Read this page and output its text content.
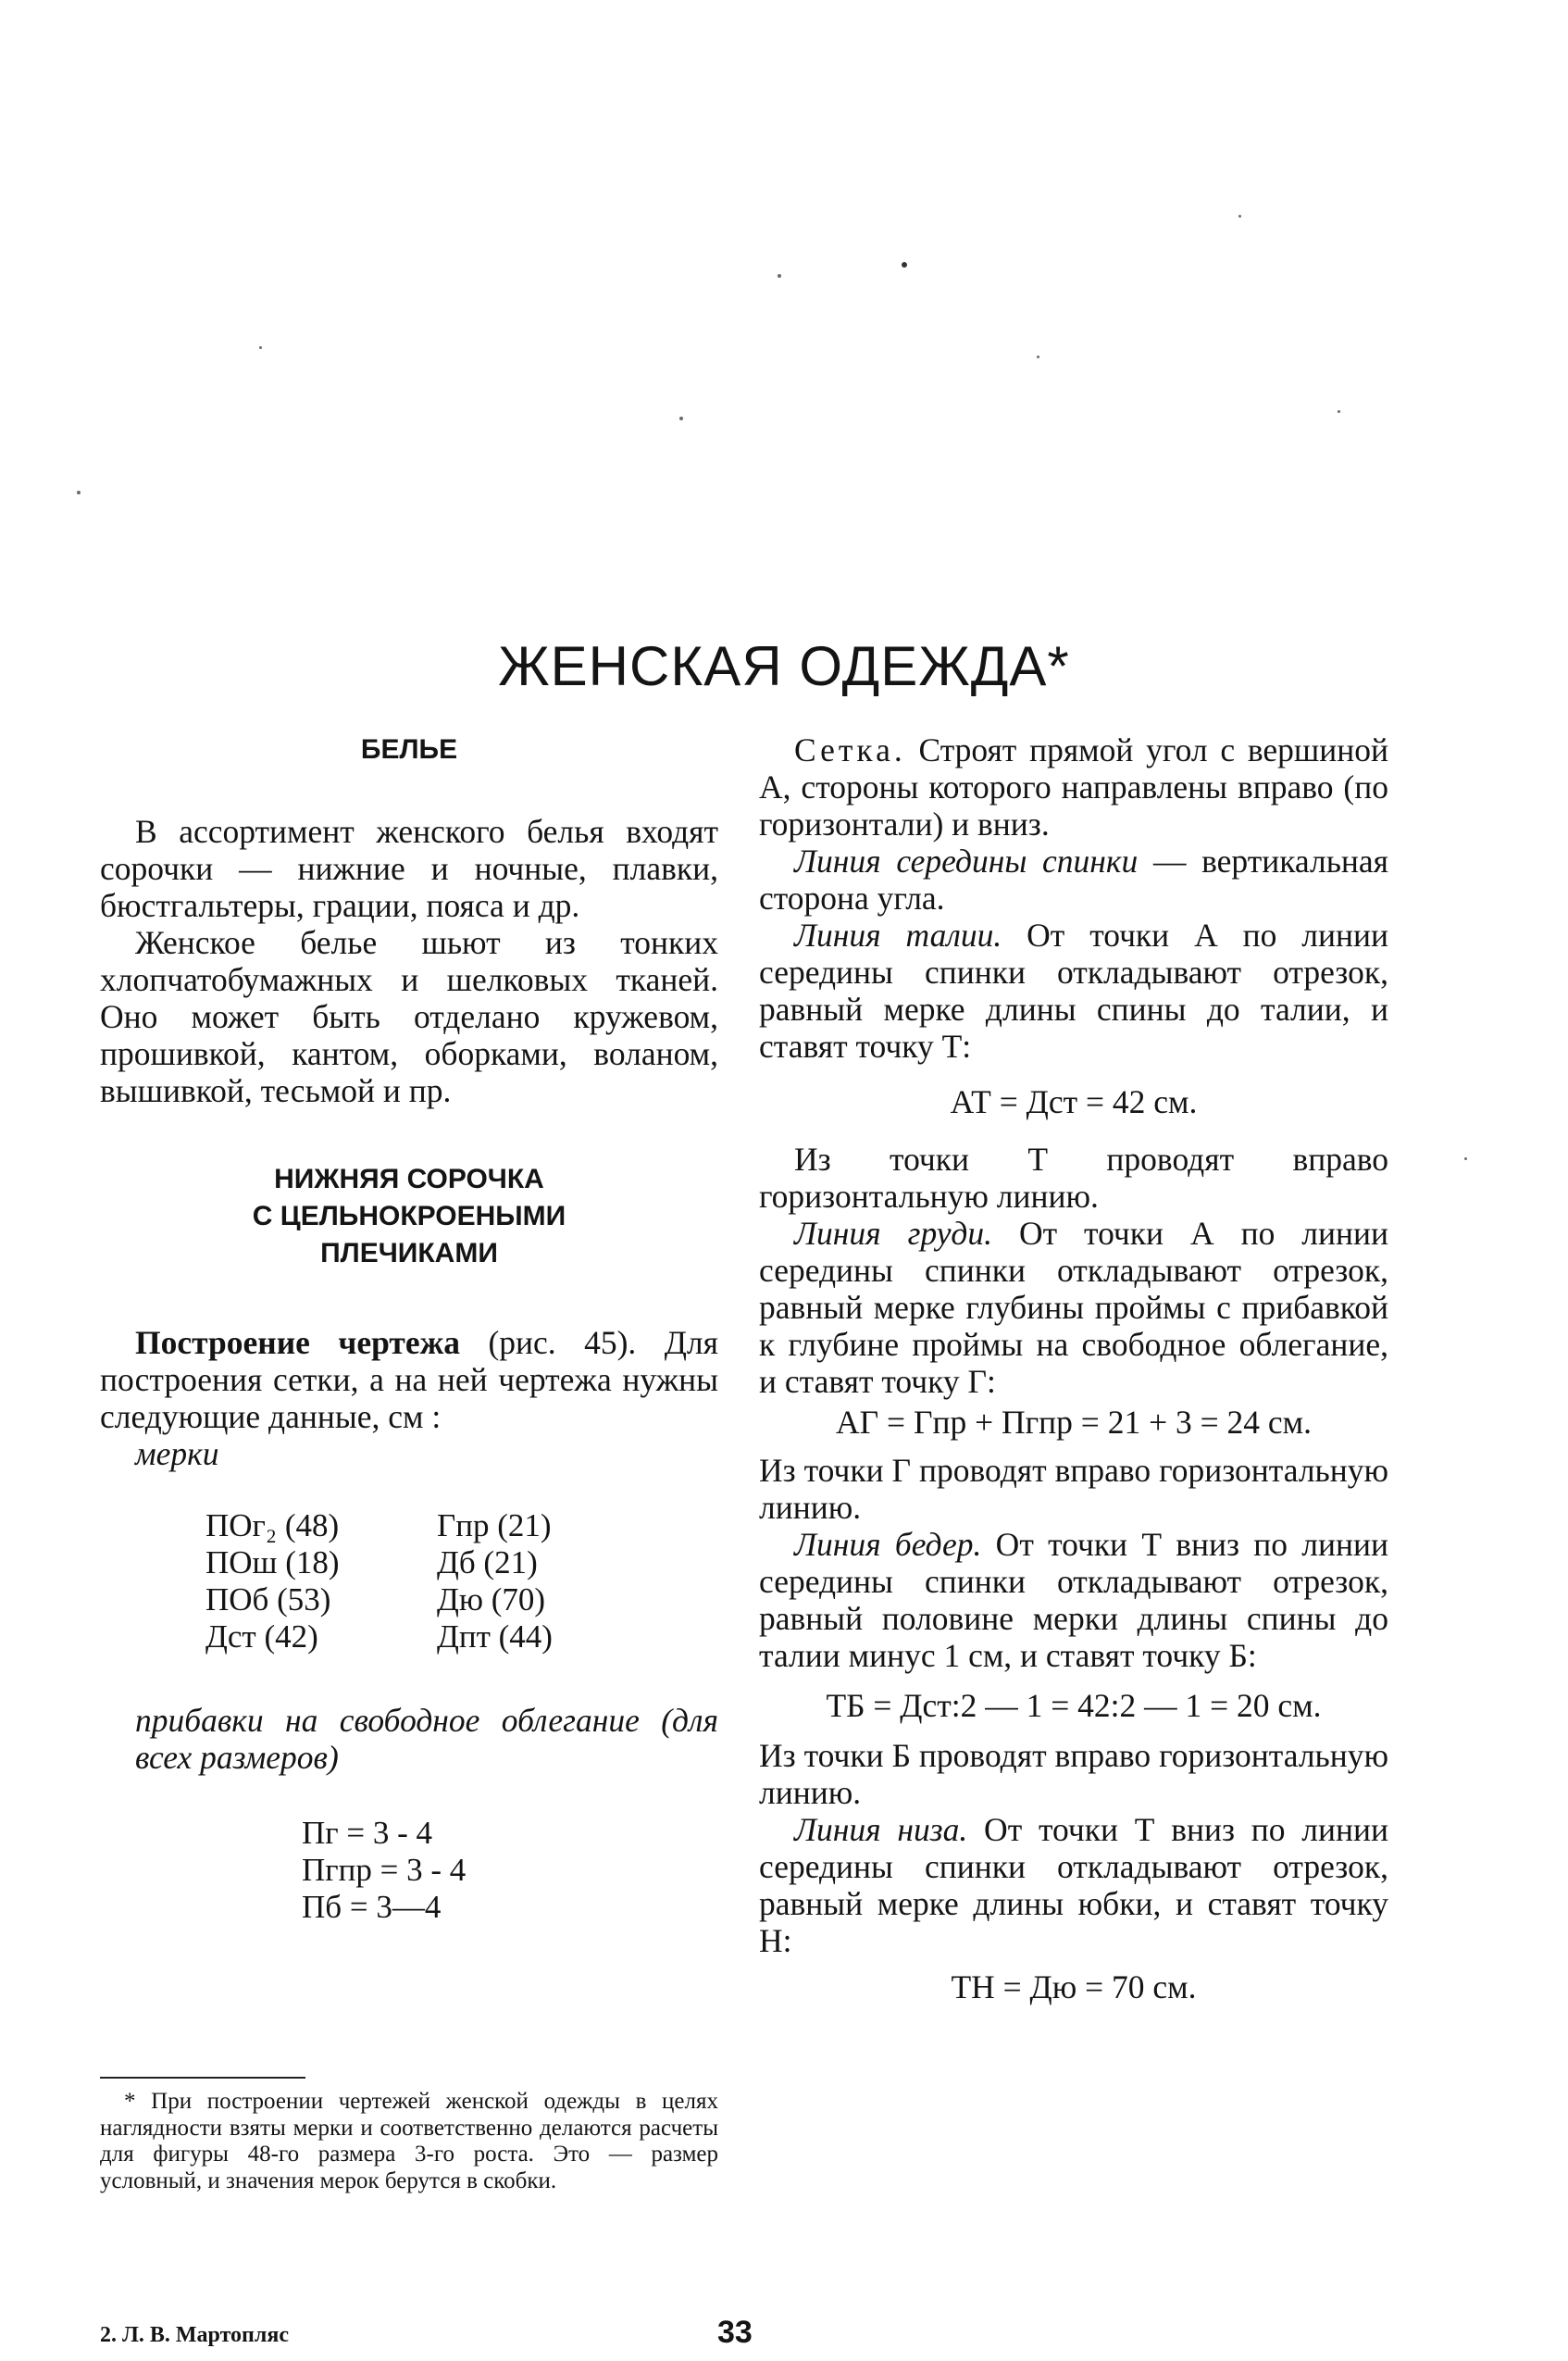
ЖЕНСКАЯ ОДЕЖДА*
БЕЛЬЕ

В ассортимент женского белья входят сорочки — нижние и ночные, плавки, бюстгальтеры, грации, пояса и др.

Женское белье шьют из тонких хлопчатобумажных и шелковых тканей. Оно может быть отделано кружевом, прошивкой, кантом, оборками, воланом, вышивкой, тесьмой и пр.

НИЖНЯЯ СОРОЧКА
С ЦЕЛЬНОКРОЕНЫМИ
ПЛЕЧИКАМИ

Построение чертежа (рис. 45). Для построения сетки, а на ней чертежа нужны следующие данные, см :

мерки

ПОг₂ (48)	Гпр (21)
ПОш (18)	Дб (21)
ПОб (53)	Дю (70)
Дст (42)	Дпт (44)

прибавки на свободное облегание (для всех размеров)

Пг = 3 - 4
Пгпр = 3 - 4
Пб = 3—4

* При построении чертежей женской одежды в целях наглядности взяты мерки и соответственно делаются расчеты для фигуры 48-го размера 3-го роста. Это — размер условный, и значения мерок берутся в скобки.

Сетка. Строят прямой угол с вершиной А, стороны которого направлены вправо (по горизонтали) и вниз.

Линия середины спинки — вертикальная сторона угла.

Линия талии. От точки А по линии середины спинки откладывают отрезок, равный мерке длины спины до талии, и ставят точку Т:

АТ = Дст = 42 см.

Из точки Т проводят вправо горизонтальную линию.

Линия груди. От точки А по линии середины спинки откладывают отрезок, равный мерке глубины проймы с прибавкой к глубине проймы на свободное облегание, и ставят точку Г:

АГ = Гпр + Пгпр = 21 + 3 = 24 см.

Из точки Г проводят вправо горизонтальную линию.

Линия бедер. От точки Т вниз по линии середины спинки откладывают отрезок, равный половине мерки длины спины до талии минус 1 см, и ставят точку Б:

ТБ = Дст:2 — 1 = 42:2 — 1 = 20 см.

Из точки Б проводят вправо горизонтальную линию.

Линия низа. От точки Т вниз по линии середины спинки откладывают отрезок, равный мерке длины юбки, и ставят точку Н:

ТН = Дю = 70 см.

2. Л. В. Мартопляс	33
